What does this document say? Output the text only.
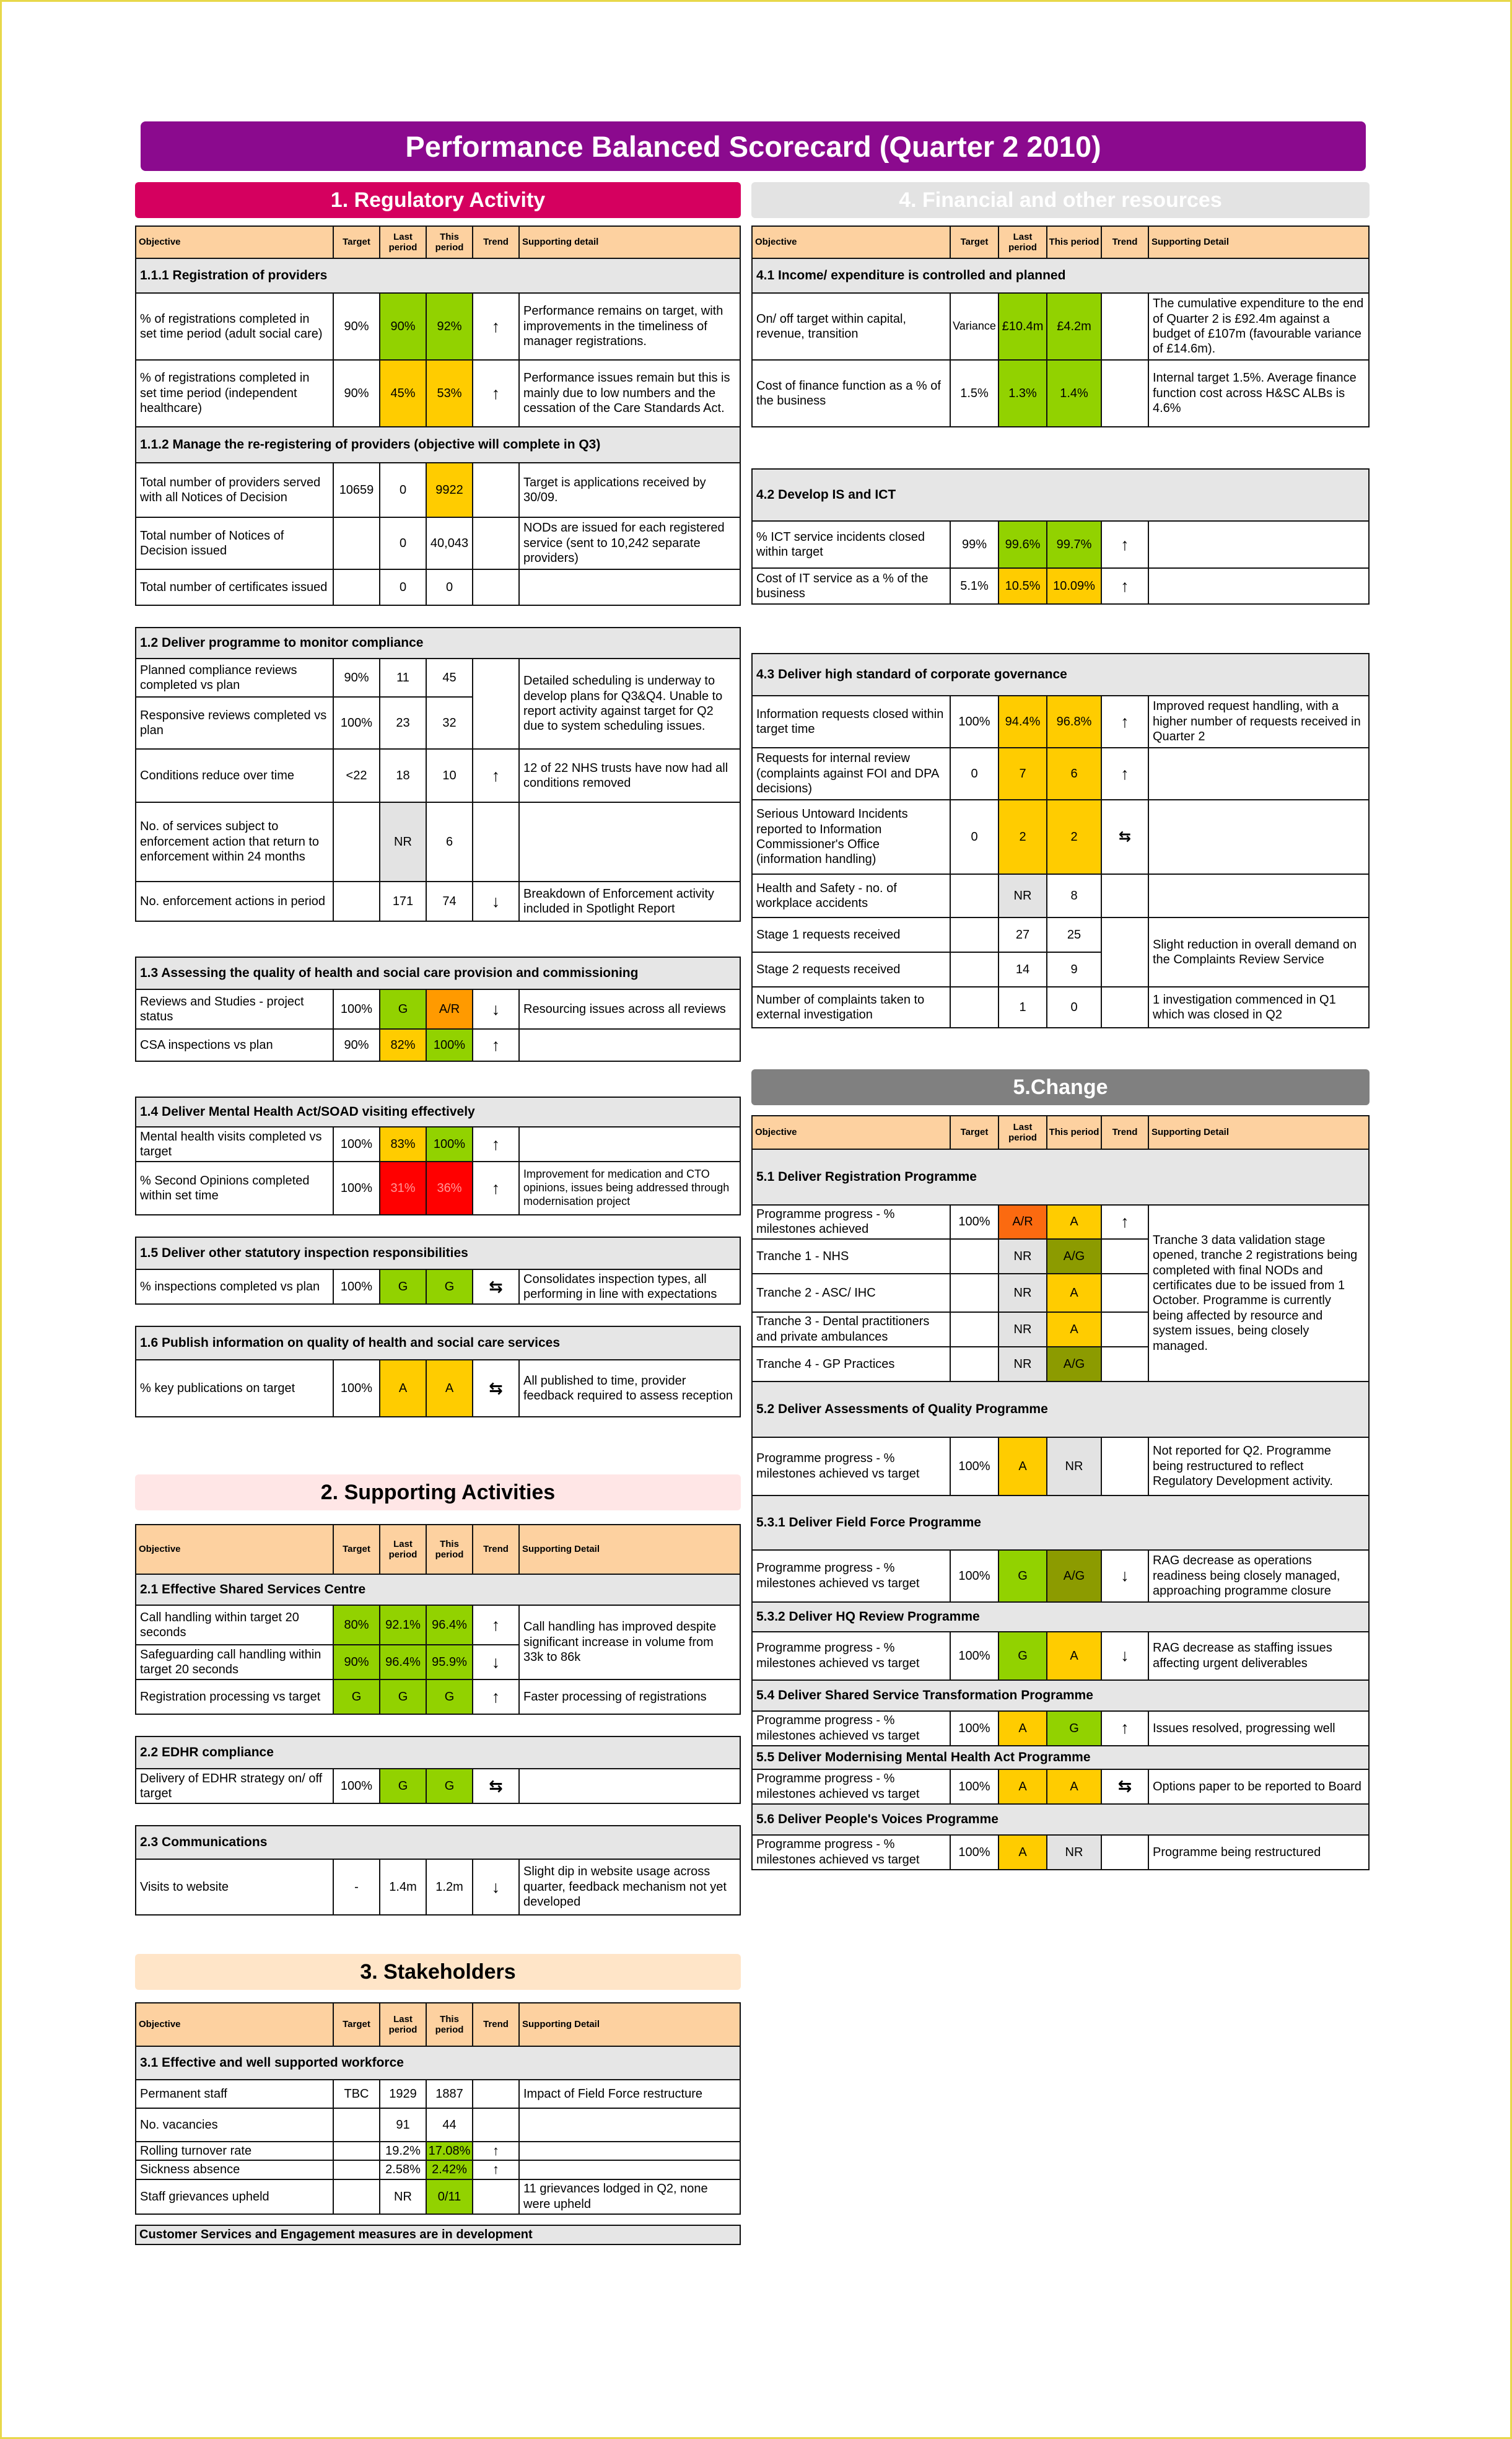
Performance Balanced Scorecard (Quarter 2 2010)
1. Regulatory Activity
Objective	Target	Last period	This period	Trend	Supporting detail
1.1.1 Registration of providers					
% of registrations completed in set time period (adult social care)	90%	90%	92%	↑	Performance remains on target, with improvements in the timeliness of manager registrations.
% of registrations completed in set time period (independent healthcare)	90%	45%	53%	↑	Performance issues remain but this is mainly due to low numbers and the cessation of the Care Standards Act.
1.1.2 Manage the re-registering of providers (objective will complete in Q3)					
Total number of providers served with all Notices of Decision	10659	0	9922		Target is applications received by 30/09.
Total number of Notices of Decision issued		0	40,043		NODs are issued for each registered service (sent to 10,242 separate providers)
Total number of certificates issued		0	0		
1.2 Deliver programme to monitor compliance					
Planned compliance reviews completed vs plan	90%	11	45		Detailed scheduling is underway to develop plans for Q3&Q4. Unable to report activity against target for Q2 due to system scheduling issues.
Responsive reviews completed vs plan	100%	23	32		
Conditions reduce over time	<22	18	10	↑	12 of 22 NHS trusts have now had all conditions removed
No. of services subject to enforcement action that return to enforcement within 24 months		NR	6		
No. enforcement actions in period		171	74	↓	Breakdown of Enforcement activity included in Spotlight Report
1.3 Assessing the quality of health and social care provision and commissioning					
Reviews and Studies - project status	100%	G	A/R	↓	Resourcing issues across all reviews
CSA inspections vs plan	90%	82%	100%	↑	
1.4 Deliver Mental Health Act/SOAD visiting effectively					
Mental health visits completed vs target	100%	83%	100%	↑	
% Second Opinions completed within set time	100%	31%	36%	↑	Improvement for medication and CTO opinions, issues being addressed through modernisation project
1.5 Deliver other statutory inspection responsibilities
% inspections completed vs plan	100%	G	G	⇆	Consolidates inspection types, all performing in line with expectations
1.6 Publish information on quality of health and social care services
% key publications on target	100%	A	A	⇆	All published to time, provider feedback required to assess reception
2. Supporting Activities
Objective	Target	Last period	This period	Trend	Supporting Detail
2.1 Effective Shared Services Centre					
Call handling within target 20 seconds	80%	92.1%	96.4%	↑	Call handling has improved despite significant increase in volume from 33k to 86k
Safeguarding call handling within target 20 seconds	90%	96.4%	95.9%	↓	
Registration processing vs target	G	G	G	↑	Faster processing of registrations
2.2 EDHR compliance
Delivery of EDHR strategy on/ off target	100%	G	G	⇆	
2.3 Communications
Visits to website	-	1.4m	1.2m	↓	Slight dip in website usage across quarter, feedback mechanism not yet developed
3. Stakeholders
Objective	Target	Last period	This period	Trend	Supporting Detail
3.1 Effective and well supported workforce					
Permanent staff	TBC	1929	1887		Impact of Field Force restructure
No. vacancies		91	44		
Rolling turnover rate		19.2%	17.08%	↑	
Sickness absence		2.58%	2.42%	↑	
Staff grievances upheld		NR	0/11		11 grievances lodged in Q2, none were upheld
Customer Services and Engagement measures are in development
4. Financial and other resources
Objective	Target	Last period	This period	Trend	Supporting Detail
4.1 Income/ expenditure is controlled and planned					
On/ off target within capital, revenue, transition	Variance	£10.4m	£4.2m		The cumulative expenditure to the end of Quarter 2 is £92.4m against a budget of £107m (favourable variance of £14.6m).
Cost of finance function as a % of the business	1.5%	1.3%	1.4%		Internal target 1.5%. Average finance function cost across H&SC ALBs is 4.6%
4.2 Develop IS and ICT					
% ICT service incidents closed within target	99%	99.6%	99.7%	↑	
Cost of IT service as a % of the business	5.1%	10.5%	10.09%	↑	
4.3 Deliver high standard of corporate governance					
Information requests closed within target time	100%	94.4%	96.8%	↑	Improved request handling, with a higher number of requests received in Quarter 2
Requests for internal review (complaints against FOI and DPA decisions)	0	7	6	↑	
Serious Untoward Incidents reported to Information Commissioner's Office (information handling)	0	2	2	⇆	
Health and Safety - no. of workplace accidents		NR	8		
Stage 1 requests received		27	25		Slight reduction in overall demand on the Complaints Review Service
Stage 2 requests received		14	9		
Number of complaints taken to external investigation		1	0		1 investigation commenced in Q1 which was closed in Q2
5.Change
Objective	Target	Last period	This period	Trend	Supporting Detail
5.1 Deliver Registration Programme					
Programme progress - % milestones achieved	100%	A/R	A	↑	Tranche 3 data validation stage opened, tranche 2 registrations being completed with final NODs and certificates due to be issued from 1 October. Programme is currently being affected by resource and system issues, being closely managed.
Tranche 1 - NHS		NR	A/G		
Tranche 2 - ASC/ IHC		NR	A		
Tranche 3 - Dental practitioners and private ambulances		NR	A		
Tranche 4 - GP Practices		NR	A/G		
5.2 Deliver Assessments of Quality Programme					
Programme progress - % milestones achieved vs target	100%	A	NR		Not reported for Q2. Programme being restructured to reflect Regulatory Development activity.
5.3.1 Deliver Field Force Programme					
Programme progress - % milestones achieved vs target	100%	G	A/G	↓	RAG decrease as operations readiness being closely managed, approaching programme closure
5.3.2 Deliver HQ Review Programme					
Programme progress - % milestones achieved vs target	100%	G	A	↓	RAG decrease as staffing issues affecting urgent deliverables
5.4 Deliver Shared Service Transformation Programme					
Programme progress - % milestones achieved vs target	100%	A	G	↑	Issues resolved, progressing well
5.5 Deliver Modernising Mental Health Act Programme					
Programme progress - % milestones achieved vs target	100%	A	A	⇆	Options paper to be reported to Board
5.6 Deliver People's Voices Programme					
Programme progress - % milestones achieved vs target	100%	A	NR		Programme being restructured
